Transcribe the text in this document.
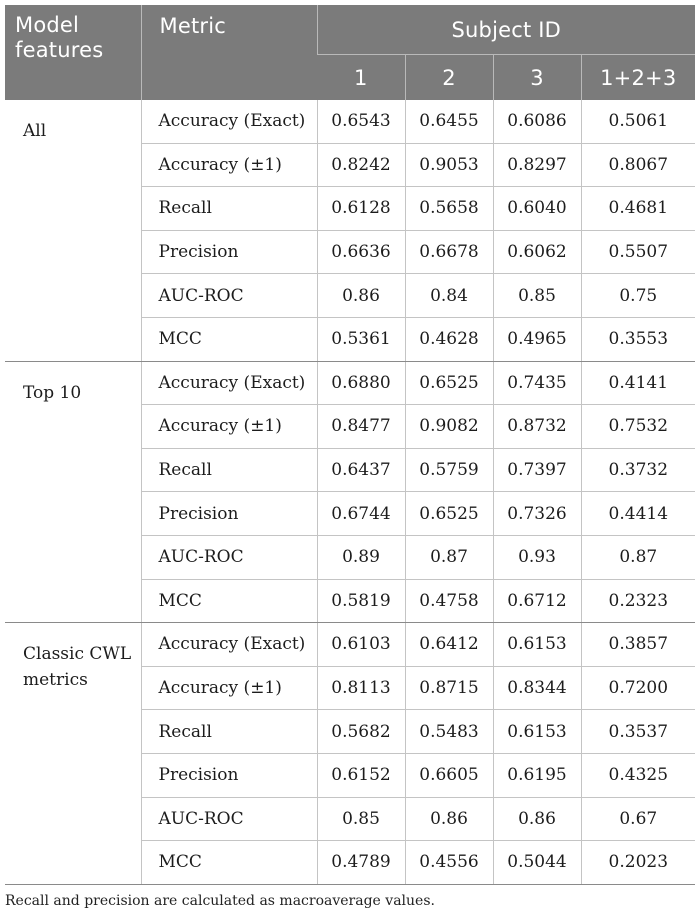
Model features	Metric	Subject ID			
		1	2	3	1+2+3
All	Accuracy (Exact)	0.6543	0.6455	0.6086	0.5061
	Accuracy (±1)	0.8242	0.9053	0.8297	0.8067
	Recall	0.6128	0.5658	0.6040	0.4681
	Precision	0.6636	0.6678	0.6062	0.5507
	AUC-ROC	0.86	0.84	0.85	0.75
	MCC	0.5361	0.4628	0.4965	0.3553
Top 10	Accuracy (Exact)	0.6880	0.6525	0.7435	0.4141
	Accuracy (±1)	0.8477	0.9082	0.8732	0.7532
	Recall	0.6437	0.5759	0.7397	0.3732
	Precision	0.6744	0.6525	0.7326	0.4414
	AUC-ROC	0.89	0.87	0.93	0.87
	MCC	0.5819	0.4758	0.6712	0.2323
Classic CWL metrics	Accuracy (Exact)	0.6103	0.6412	0.6153	0.3857
	Accuracy (±1)	0.8113	0.8715	0.8344	0.7200
	Recall	0.5682	0.5483	0.6153	0.3537
	Precision	0.6152	0.6605	0.6195	0.4325
	AUC-ROC	0.85	0.86	0.86	0.67
	MCC	0.4789	0.4556	0.5044	0.2023
Recall and precision are calculated as macroaverage values.
